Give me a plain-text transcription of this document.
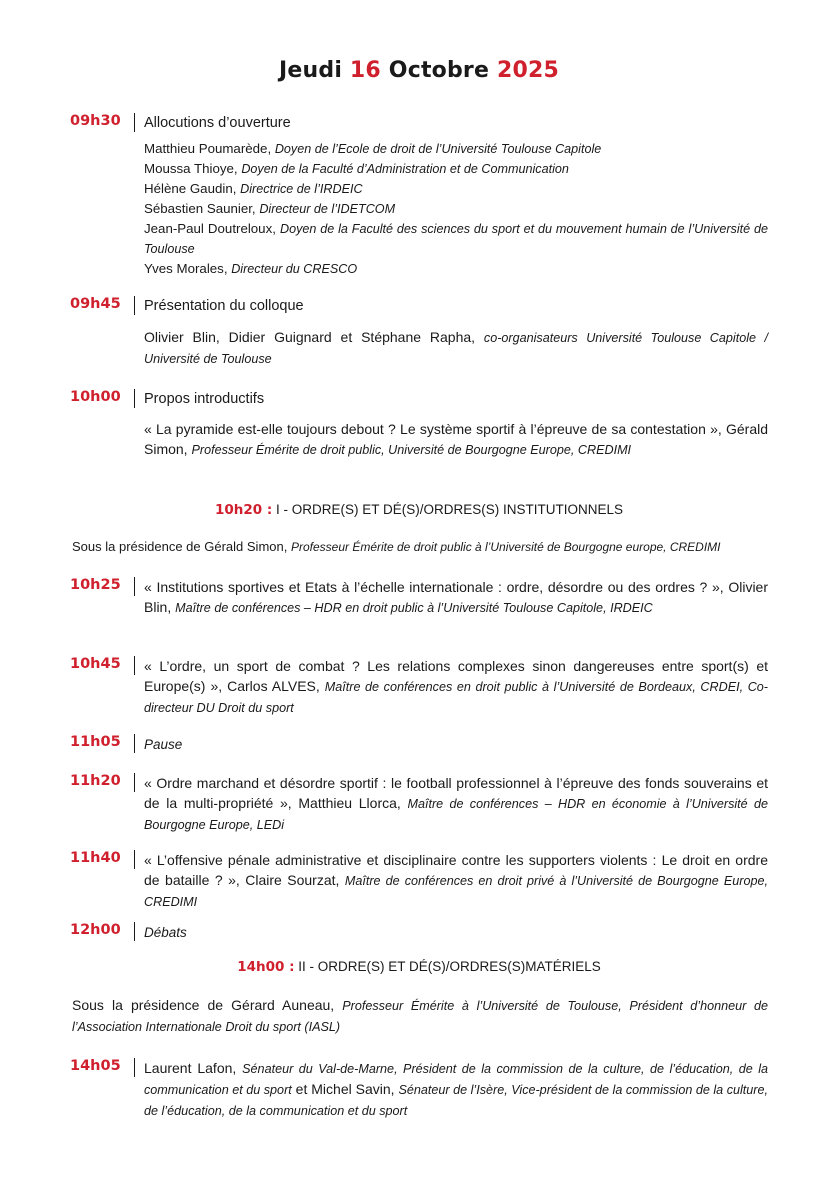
Jeudi 16 Octobre 2025
09h30 Allocutions d’ouverture
Matthieu Poumarède, Doyen de l’Ecole de droit de l’Université Toulouse Capitole
Moussa Thioye, Doyen de la Faculté d’Administration et de Communication
Hélène Gaudin, Directrice de l’IRDEIC
Sébastien Saunier, Directeur de l’IDETCOM
Jean-Paul Doutreloux, Doyen de la Faculté des sciences du sport et du mouvement humain de l’Université de Toulouse
Yves Morales, Directeur du CRESCO
09h45 Présentation du colloque
Olivier Blin, Didier Guignard et Stéphane Rapha, co-organisateurs Université Toulouse Capitole / Université de Toulouse
10h00 Propos introductifs
« La pyramide est-elle toujours debout ? Le système sportif à l’épreuve de sa contestation », Gérald Simon, Professeur Émérite de droit public, Université de Bourgogne Europe, CREDIMI
10h20 : I - ORDRE(S) ET DÉ(S)/ORDRES(S) INSTITUTIONNELS
Sous la présidence de Gérald Simon, Professeur Émérite de droit public à l’Université de Bourgogne europe, CREDIMI
10h25 « Institutions sportives et Etats à l’échelle internationale : ordre, désordre ou des ordres ? », Olivier Blin, Maître de conférences – HDR en droit public à l’Université Toulouse Capitole, IRDEIC
10h45 « L’ordre, un sport de combat ? Les relations complexes sinon dangereuses entre sport(s) et Europe(s) », Carlos ALVES, Maître de conférences en droit public à l’Université de Bordeaux, CRDEI, Co-directeur DU Droit du sport
11h05 Pause
11h20 « Ordre marchand et désordre sportif : le football professionnel à l’épreuve des fonds souverains et de la multi-propriété », Matthieu Llorca, Maître de conférences – HDR en économie à l’Université de Bourgogne Europe, LEDi
11h40 « L’offensive pénale administrative et disciplinaire contre les supporters violents : Le droit en ordre de bataille ? », Claire Sourzat, Maître de conférences en droit privé à l’Université de Bourgogne Europe, CREDIMI
12h00 Débats
14h00 : II - ORDRE(S) ET DÉ(S)/ORDRES(S)MATÉRIELS
Sous la présidence de Gérard Auneau, Professeur Émérite à l’Université de Toulouse, Président d’honneur de l’Association Internationale Droit du sport (IASL)
14h05 Laurent Lafon, Sénateur du Val-de-Marne, Président de la commission de la culture, de l’éducation, de la communication et du sport et Michel Savin, Sénateur de l’Isère, Vice-président de la commission de la culture, de l’éducation, de la communication et du sport
